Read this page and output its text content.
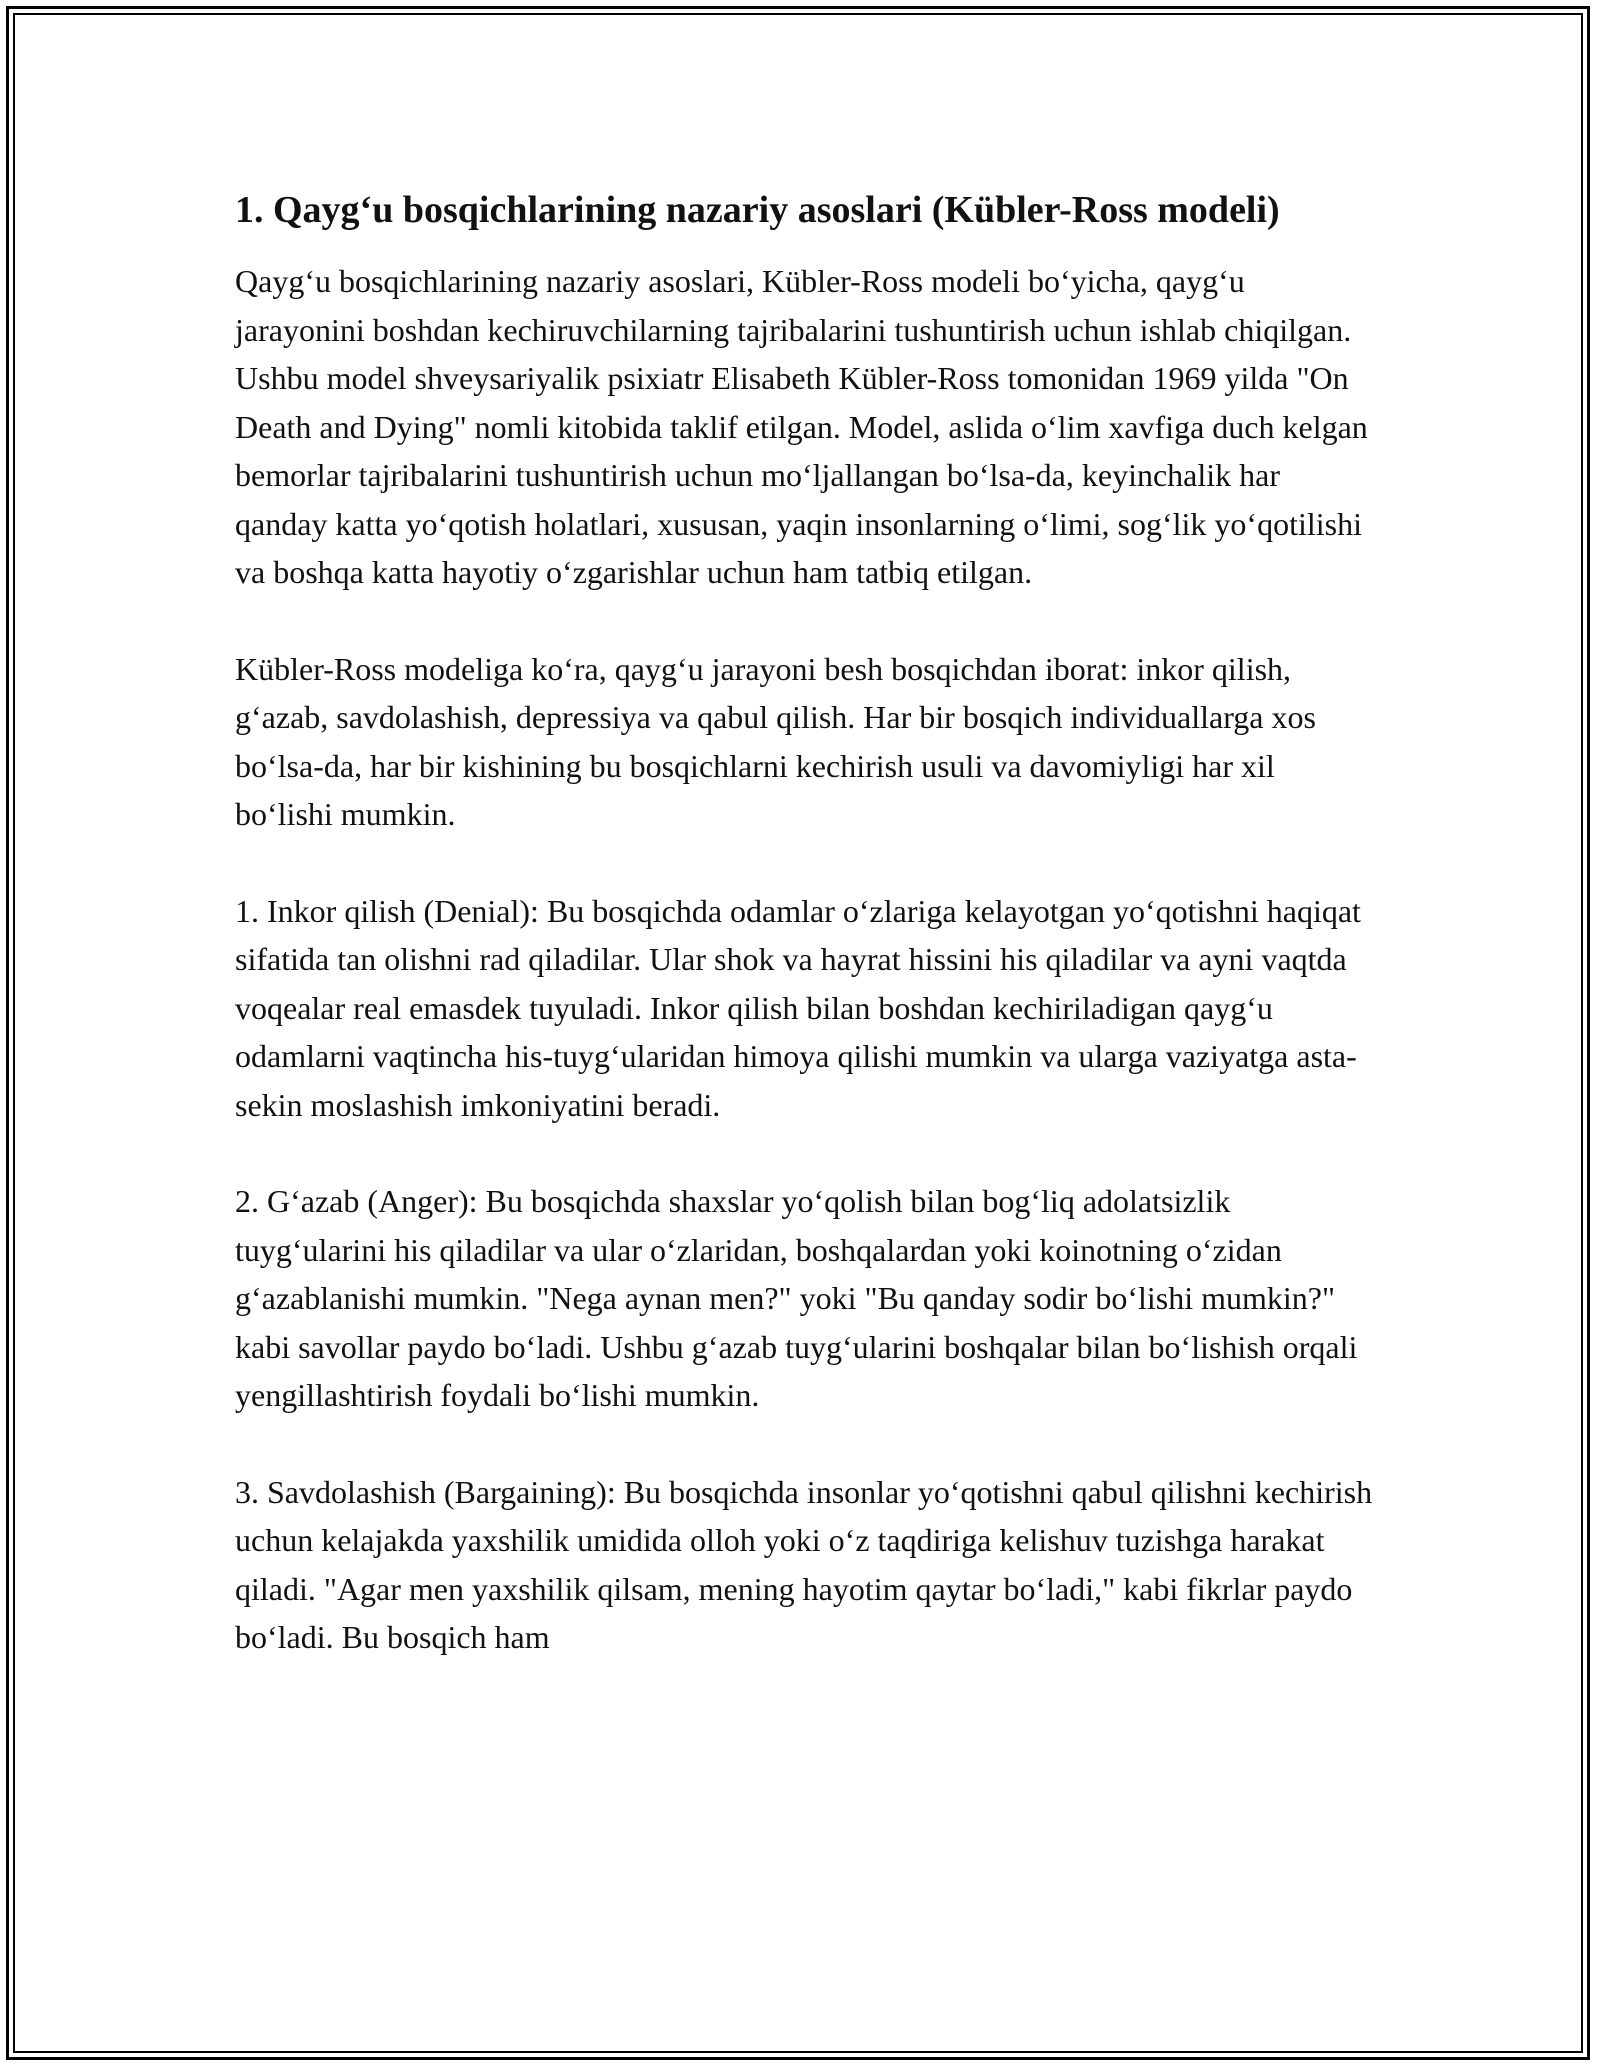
1. Qayg‘u bosqichlarining nazariy asoslari (Kübler-Ross modeli)

Qayg‘u bosqichlarining nazariy asoslari, Kübler-Ross modeli bo‘yicha, qayg‘u jarayonini boshdan kechiruvchilarning tajribalarini tushuntirish uchun ishlab chiqilgan. Ushbu model shveysariyalik psixiatr Elisabeth Kübler-Ross tomonidan 1969 yilda "On Death and Dying" nomli kitobida taklif etilgan. Model, aslida o‘lim xavfiga duch kelgan bemorlar tajribalarini tushuntirish uchun mo‘ljallangan bo‘lsa-da, keyinchalik har qanday katta yo‘qotish holatlari, xususan, yaqin insonlarning o‘limi, sog‘lik yo‘qotilishi va boshqa katta hayotiy o‘zgarishlar uchun ham tatbiq etilgan.

Kübler-Ross modeliga ko‘ra, qayg‘u jarayoni besh bosqichdan iborat: inkor qilish, g‘azab, savdolashish, depressiya va qabul qilish. Har bir bosqich individuallarga xos bo‘lsa-da, har bir kishining bu bosqichlarni kechirish usuli va davomiyligi har xil bo‘lishi mumkin.

1. Inkor qilish (Denial): Bu bosqichda odamlar o‘zlariga kelayotgan yo‘qotishni haqiqat sifatida tan olishni rad qiladilar. Ular shok va hayrat hissini his qiladilar va ayni vaqtda voqealar real emasdek tuyuladi. Inkor qilish bilan boshdan kechiriladigan qayg‘u odamlarni vaqtincha his-tuyg‘ularidan himoya qilishi mumkin va ularga vaziyatga asta-sekin moslashish imkoniyatini beradi.

2. G‘azab (Anger): Bu bosqichda shaxslar yo‘qolish bilan bog‘liq adolatsizlik tuyg‘ularini his qiladilar va ular o‘zlaridan, boshqalardan yoki koinotning o‘zidan g‘azablanishi mumkin. "Nega aynan men?" yoki "Bu qanday sodir bo‘lishi mumkin?" kabi savollar paydo bo‘ladi. Ushbu g‘azab tuyg‘ularini boshqalar bilan bo‘lishish orqali yengillashtirish foydali bo‘lishi mumkin.

3. Savdolashish (Bargaining): Bu bosqichda insonlar yo‘qotishni qabul qilishni kechirish uchun kelajakda yaxshilik umidida olloh yoki o‘z taqdiriga kelishuv tuzishga harakat qiladi. "Agar men yaxshilik qilsam, mening hayotim qaytar bo‘ladi," kabi fikrlar paydo bo‘ladi. Bu bosqich ham
